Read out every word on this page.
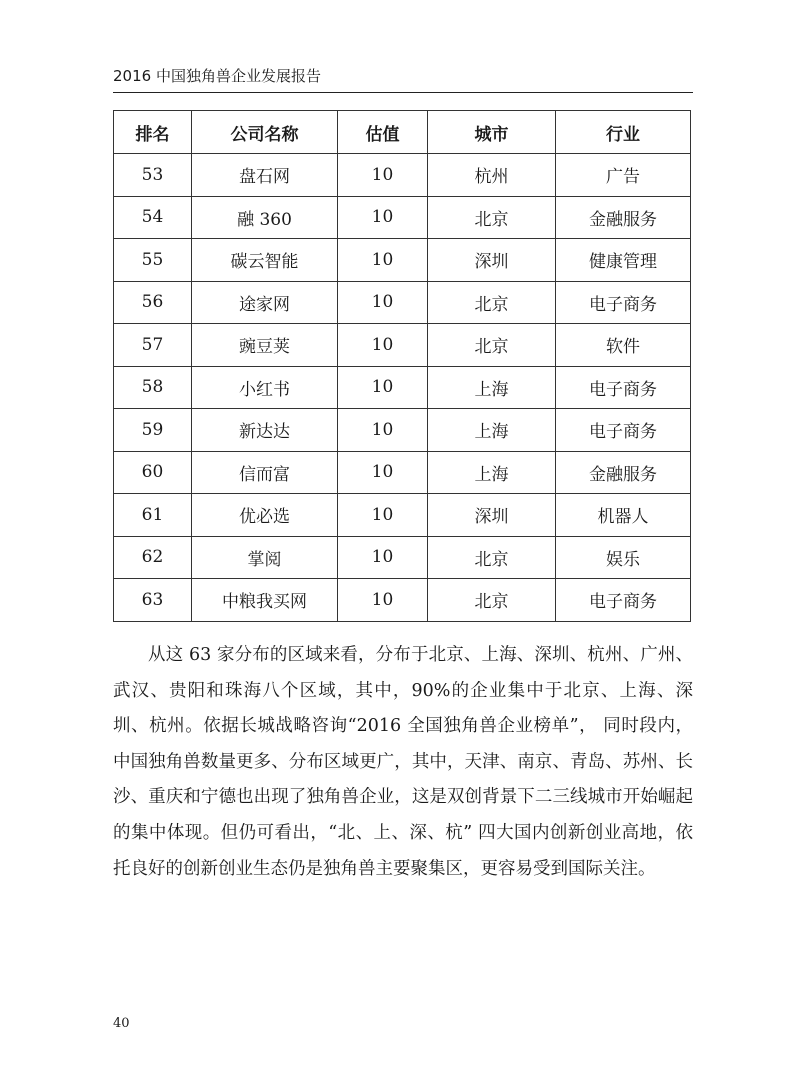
2016 中国独角兽企业发展报告
排名	公司名称	估值	城市	行业
53	盘石网	10	杭州	广告
54	融 360	10	北京	金融服务
55	碳云智能	10	深圳	健康管理
56	途家网	10	北京	电子商务
57	豌豆荚	10	北京	软件
58	小红书	10	上海	电子商务
59	新达达	10	上海	电子商务
60	信而富	10	上海	金融服务
61	优必选	10	深圳	机器人
62	掌阅	10	北京	娱乐
63	中粮我买网	10	北京	电子商务

从这 63 家分布的区域来看，分布于北京、上海、深圳、杭州、广州、武汉、贵阳和珠海八个区域，其中，90%的企业集中于北京、上海、深圳、杭州。依据长城战略咨询“2016 全国独角兽企业榜单”， 同时段内，中国独角兽数量更多、分布区域更广，其中，天津、南京、青岛、苏州、长沙、重庆和宁德也出现了独角兽企业，这是双创背景下二三线城市开始崛起的集中体现。但仍可看出，“北、上、深、杭” 四大国内创新创业高地，依托良好的创新创业生态仍是独角兽主要聚集区，更容易受到国际关注。

40
